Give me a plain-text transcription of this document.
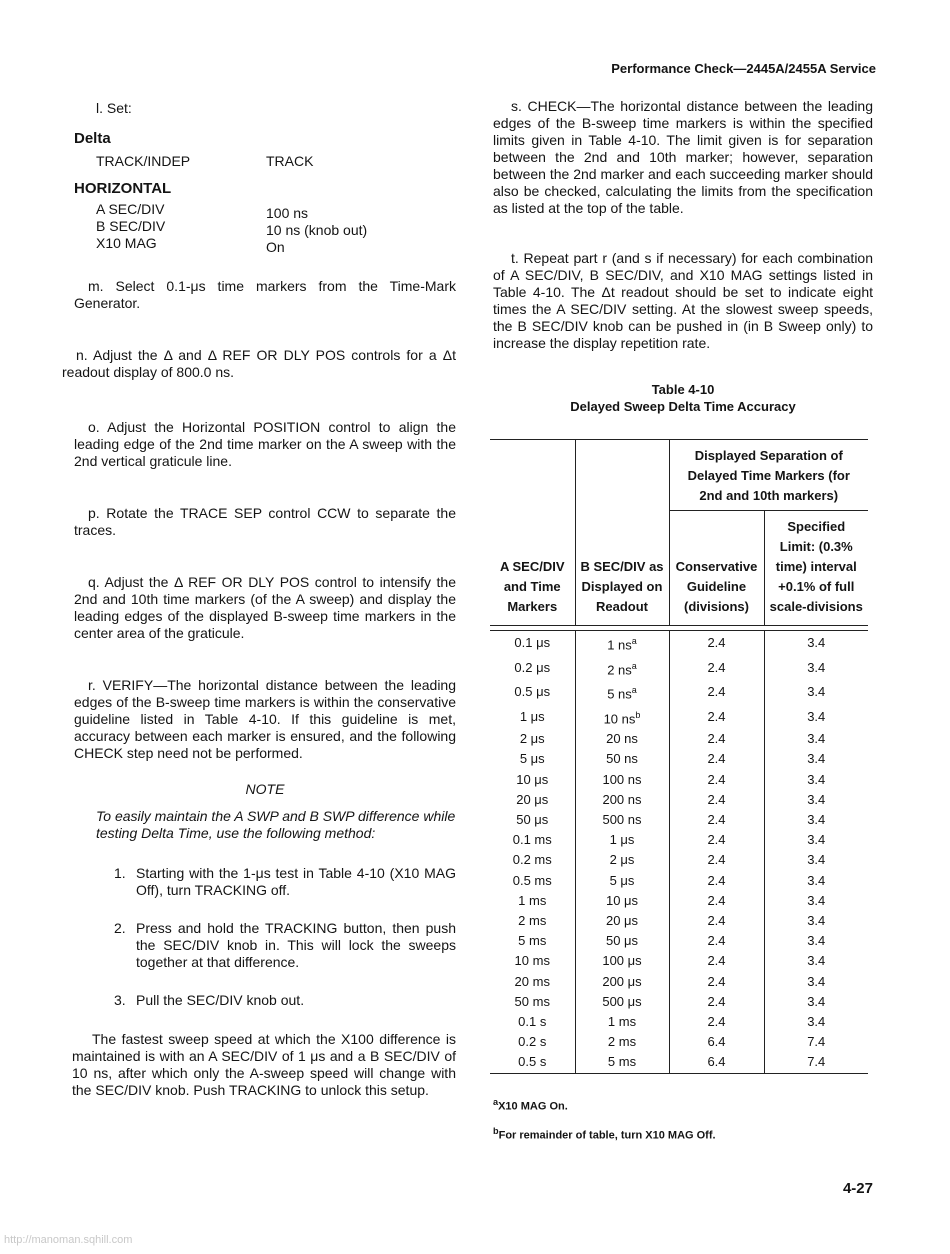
Performance Check—2445A/2455A Service

l. Set:

Delta
TRACK/INDEP	TRACK
HORIZONTAL
A SEC/DIV	100 ns
B SEC/DIV	10 ns (knob out)
X10 MAG	On

m. Select 0.1-μs time markers from the Time-Mark Generator.

n. Adjust the Δ and Δ REF OR DLY POS controls for a Δt readout display of 800.0 ns.

o. Adjust the Horizontal POSITION control to align the leading edge of the 2nd time marker on the A sweep with the 2nd vertical graticule line.

p. Rotate the TRACE SEP control CCW to separate the traces.

q. Adjust the Δ REF OR DLY POS control to intensify the 2nd and 10th time markers (of the A sweep) and display the leading edges of the displayed B-sweep time markers in the center area of the graticule.

r. VERIFY—The horizontal distance between the leading edges of the B-sweep time markers is within the conservative guideline listed in Table 4-10. If this guideline is met, accuracy between each marker is ensured, and the following CHECK step need not be performed.

NOTE
To easily maintain the A SWP and B SWP difference while testing Delta Time, use the following method:
1. Starting with the 1-μs test in Table 4-10 (X10 MAG Off), turn TRACKING off.
2. Press and hold the TRACKING button, then push the SEC/DIV knob in. This will lock the sweeps together at that difference.
3. Pull the SEC/DIV knob out.

The fastest sweep speed at which the X100 difference is maintained is with an A SEC/DIV of 1 μs and a B SEC/DIV of 10 ns, after which only the A-sweep speed will change with the SEC/DIV knob. Push TRACKING to unlock this setup.

s. CHECK—The horizontal distance between the leading edges of the B-sweep time markers is within the specified limits given in Table 4-10. The limit given is for separation between the 2nd and 10th marker; however, separation between the 2nd marker and each succeeding marker should also be checked, calculating the limits from the specification as listed at the top of the table.

t. Repeat part r (and s if necessary) for each combination of A SEC/DIV, B SEC/DIV, and X10 MAG settings listed in Table 4-10. The Δt readout should be set to indicate eight times the A SEC/DIV setting. At the slowest sweep speeds, the B SEC/DIV knob can be pushed in (in B Sweep only) to increase the display repetition rate.

Table 4-10
Delayed Sweep Delta Time Accuracy
A SEC/DIV and Time Markers	B SEC/DIV as Displayed on Readout	Displayed Separation of Delayed Time Markers (for 2nd and 10th markers)	

		Conservative Guideline (divisions)	Specified Limit: (0.3% time) interval +0.1% of full scale-divisions

0.1 μs	1 $ns^a$	2.4	3.4
0.2 μs	2 $ns^a$	2.4	3.4
0.5 μs	5 $ns^a$	2.4	3.4
1 μs	10 $ns^b$	2.4	3.4
2 μs	20 ns	2.4	3.4
5 μs	50 ns	2.4	3.4
10 μs	100 ns	2.4	3.4
20 μs	200 ns	2.4	3.4
50 μs	500 ns	2.4	3.4
0.1 ms	1 μs	2.4	3.4
0.2 ms	2 μs	2.4	3.4
0.5 ms	5 μs	2.4	3.4
1 ms	10 μs	2.4	3.4
2 ms	20 μs	2.4	3.4
5 ms	50 μs	2.4	3.4
10 ms	100 μs	2.4	3.4
20 ms	200 μs	2.4	3.4
50 ms	500 μs	2.4	3.4
0.1 s	1 ms	2.4	3.4
0.2 s	2 ms	6.4	7.4
0.5 s	5 ms	6.4	7.4
$^a$X10 MAG On.
$^b$For remainder of table, turn X10 MAG Off.
4-27
http://manoman.sqhill.com
